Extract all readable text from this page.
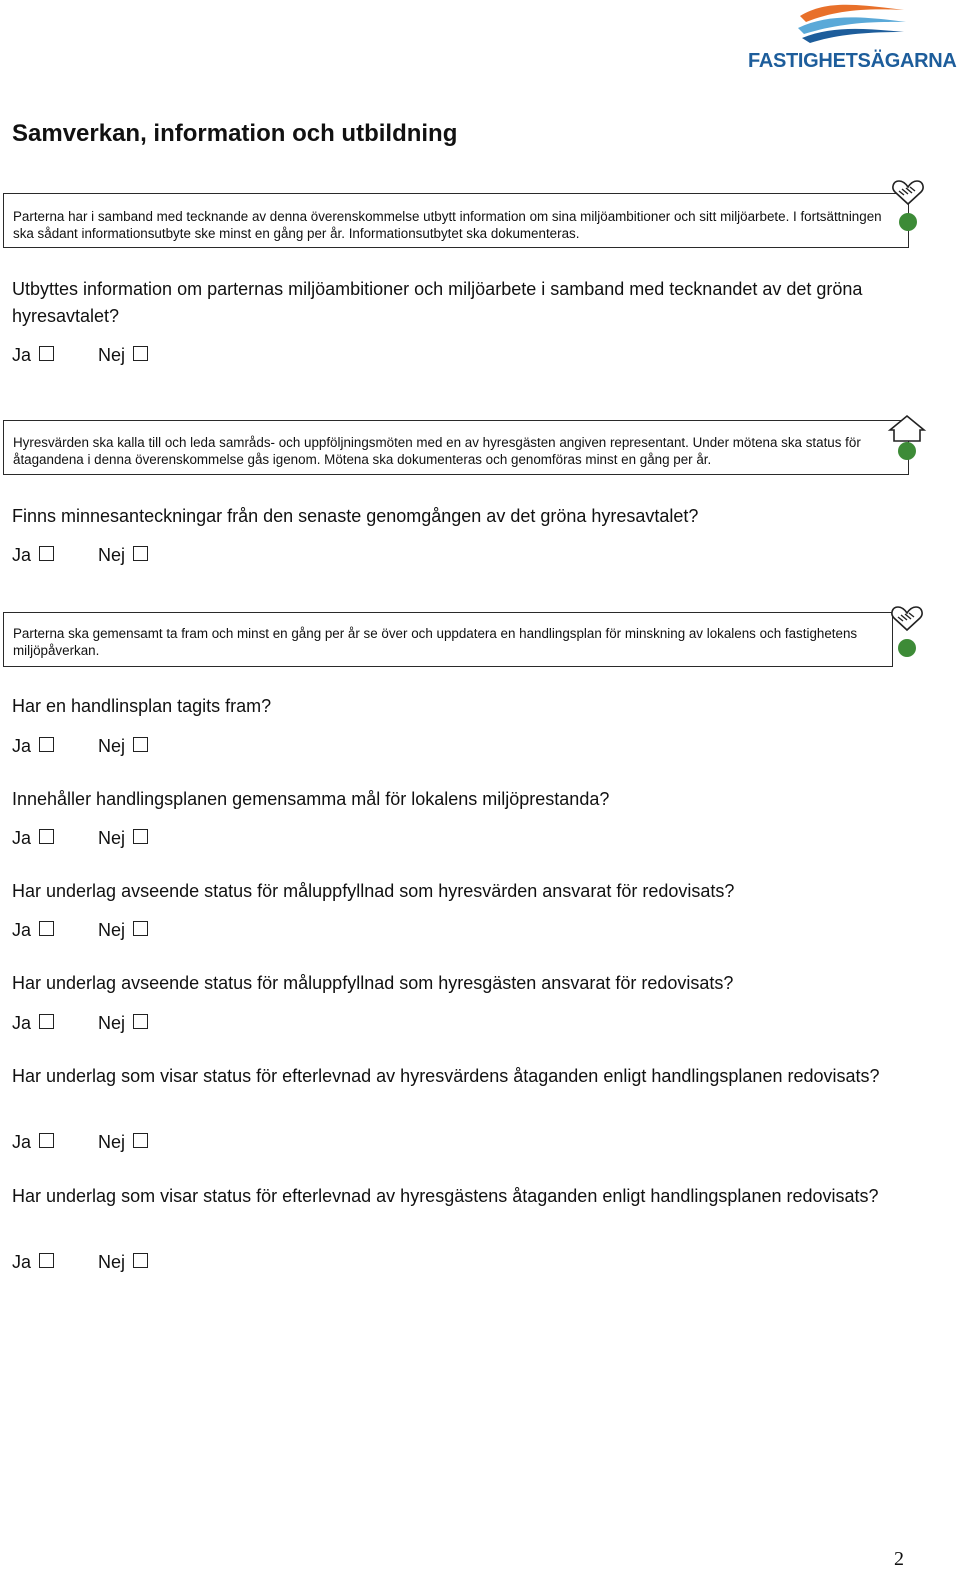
FASTIGHETSÄGARNA
Samverkan, information och utbildning

Parterna har i samband med tecknande av denna överenskommelse utbytt information om sina miljöambitioner och sitt miljöarbete. I fortsättningen ska sådant informationsutbyte ske minst en gång per år. Informationsutbytet ska dokumenteras.

Utbyttes information om parternas miljöambitioner och miljöarbete i samband med tecknandet av det gröna hyresavtalet?
Ja	Nej

Hyresvärden ska kalla till och leda samråds- och uppföljningsmöten med en av hyresgästen angiven representant. Under mötena ska status för åtagandena i denna överenskommelse gås igenom. Mötena ska dokumenteras och genomföras minst en gång per år.

Finns minnesanteckningar från den senaste genomgången av det gröna hyresavtalet?
Ja	Nej

Parterna ska gemensamt ta fram och minst en gång per år se över och uppdatera en handlingsplan för minskning av lokalens och fastighetens miljöpåverkan.

Har en handlinsplan tagits fram?
Ja	Nej
Innehåller handlingsplanen gemensamma mål för lokalens miljöprestanda?
Ja	Nej
Har underlag avseende status för måluppfyllnad som hyresvärden ansvarat för redovisats?
Ja	Nej
Har underlag avseende status för måluppfyllnad som hyresgästen ansvarat för redovisats?
Ja	Nej
Har underlag som visar status för efterlevnad av hyresvärdens åtaganden enligt handlingsplanen redovisats?
Ja	Nej
Har underlag som visar status för efterlevnad av hyresgästens åtaganden enligt handlingsplanen redovisats?
Ja	Nej
2
